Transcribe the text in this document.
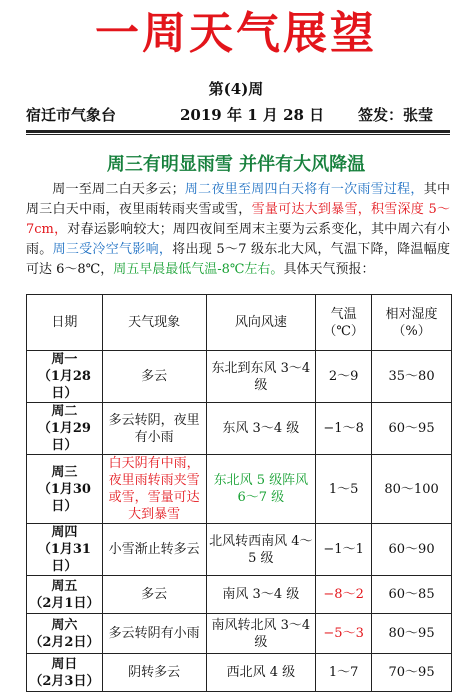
一周天气展望
第(4)周
宿迁市气象台	2019 年 1 月 28 日 签发：张莹
周三有明显雨雪 并伴有大风降温
周一至周二白天多云；周二夜里至周四白天将有一次雨雪过程，其中周三白天中雨，夜里雨转雨夹雪或雪，雪量可达大到暴雪，积雪深度 5～7cm，对春运影响较大；周四夜间至周末主要为云系变化，其中周六有小雨。周三受冷空气影响，将出现 5～7 级东北大风，气温下降，降温幅度可达 6～8℃，周五早晨最低气温-8℃左右。具体天气预报：
日期	天气现象	风向风速	气温（℃）	相对湿度（%）
周一
（1月28日）	多云	东北到东风 3～4 级	2～9	35～80
周二
（1月29日）	多云转阴，夜里有小雨	东风 3～4 级	−1～8	60～95
周三
（1月30日）	白天阴有中雨，夜里雨转雨夹雪或雪，雪量可达大到暴雪	东北风 5 级阵风 6～7 级	1～5	80～100
周四
（1月31日）	小雪渐止转多云	北风转西南风 4～5 级	−1～1	60～90
周五
（2月1日）	多云	南风 3～4 级	−8～2	60～85
周六
（2月2日）	多云转阴有小雨	南风转北风 3～4 级	−5～3	80～95
周日
（2月3日）	阴转多云	西北风 4 级	1～7	70～95
